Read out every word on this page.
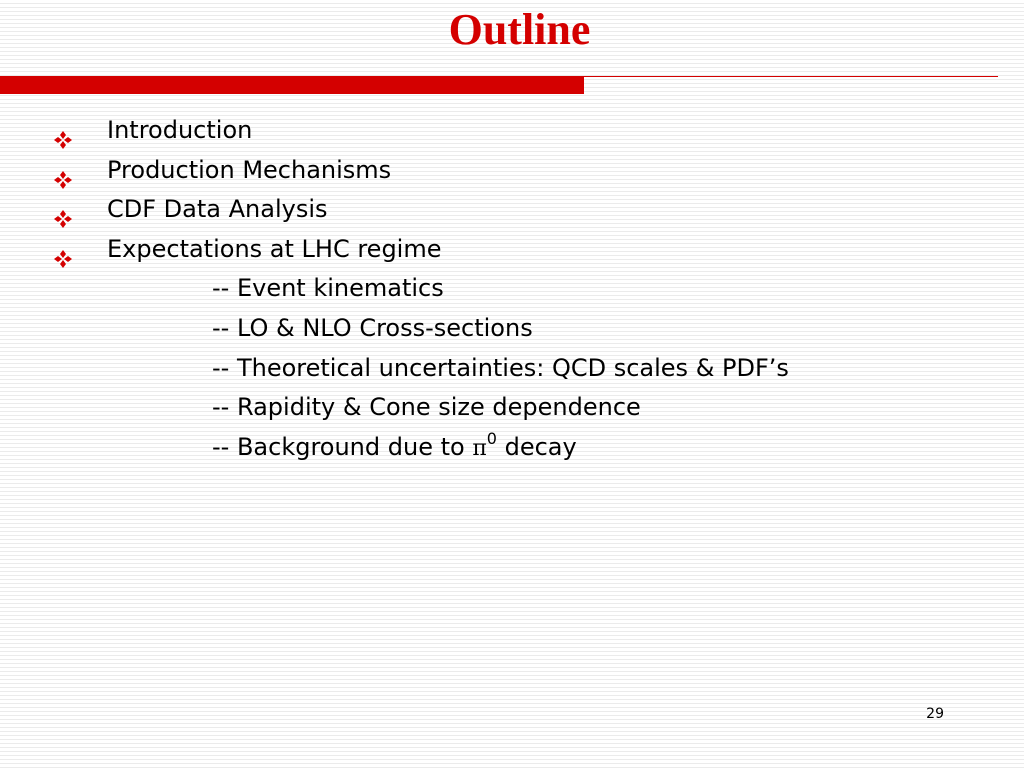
Outline
Introduction
Production Mechanisms
CDF Data Analysis
Expectations at LHC regime
-- Event kinematics
-- LO & NLO Cross-sections
-- Theoretical uncertainties: QCD scales & PDF’s
-- Rapidity & Cone size dependence
-- Background due to $\pi^0$ decay
29
